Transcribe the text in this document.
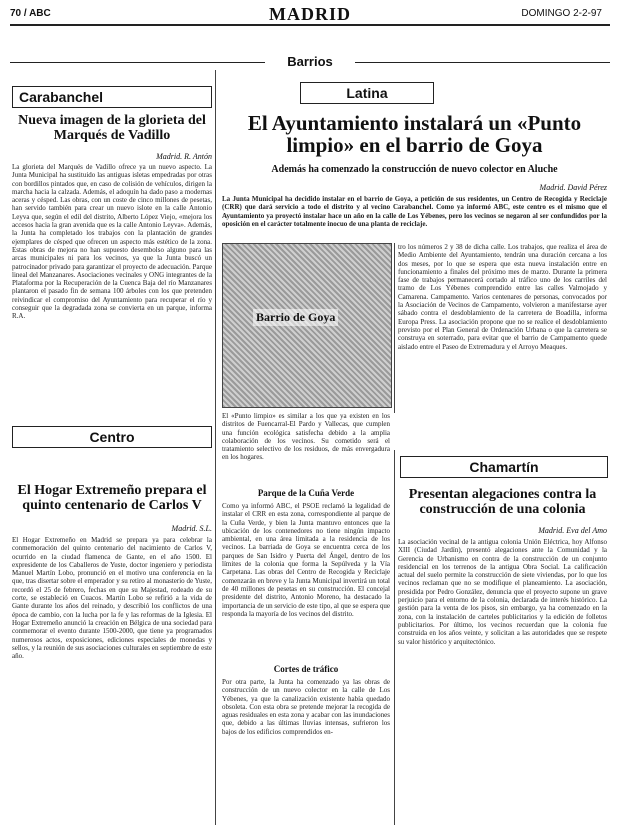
70 / ABC	MADRID	DOMINGO 2-2-97
Barrios
Carabanchel
Nueva imagen de la glorieta del Marqués de Vadillo
Madrid. R. Antón
La glorieta del Marqués de Vadillo ofrece ya un nuevo aspecto. La Junta Municipal ha sustituido las antiguas isletas empedradas por otras con bordillos pintados que, en caso de colisión de vehículos, dirigen la marcha hacia la calzada. Además, el adoquín ha dado paso a modernas aceras y césped. Las obras, con un coste de cinco millones de pesetas, han servido también para crear un nuevo islote en la calle Antonio Leyva que, según el edil del distrito, Alberto López Viejo, «mejora los accesos hacia la gran avenida que es la calle Antonio Leyva». Además, la Junta ha completado los trabajos con la plantación de grandes ejemplares de césped que ofrecen un aspecto más estético de la zona. Estas obras de mejora no han supuesto desembolso alguno para las arcas municipales ni para los vecinos, ya que la Junta buscó un patrocinador privado para garantizar el proyecto de adecuación. Parque lineal del Manzanares. Asociaciones vecinales y ONG integrantes de la Plataforma por la Recuperación de la Cuenca Baja del río Manzanares plantaron el pasado fin de semana 100 árboles con los que pretenden reivindicar el compromiso del Ayuntamiento para recuperar el río y conseguir que la degradada zona se convierta en un parque, informa R.A.
Centro
El Hogar Extremeño prepara el quinto centenario de Carlos V
Madrid. S.L.
El Hogar Extremeño en Madrid se prepara ya para celebrar la conmemoración del quinto centenario del nacimiento de Carlos V, ocurrido en la ciudad flamenca de Gante, en el año 1500. El expresidente de los Caballeros de Yuste, doctor ingeniero y periodista Manuel Martín Lobo, pronunció en el motivo una conferencia en la que, tras disertar sobre el emperador y su retiro al monasterio de Yuste, recordó el 25 de febrero, fechas en que su Majestad, rodeado de su corte, se estableció en Cuacos. Martín Lobo se refirió a la vida de Gante durante los años del reinado, y describió los conflictos de una época de cambio, con la lucha por la fe y las reformas de la Iglesia. El Hogar Extremeño anunció la creación en Bélgica de una sociedad para conmemorar el evento durante 1500-2000, que tiene ya programados numerosos actos, exposiciones, ediciones especiales de monedas y sellos, y la reunión de sus asociaciones culturales en septiembre de este año.
Latina
El Ayuntamiento instalará un «Punto limpio» en el barrio de Goya
Además ha comenzado la construcción de nuevo colector en Aluche
Madrid. David Pérez
La Junta Municipal ha decidido instalar en el barrio de Goya, a petición de sus residentes, un Centro de Recogida y Reciclaje (CRR) que dará servicio a todo el distrito y al vecino Carabanchel. Como ya informó ABC, este centro es el mismo que el Ayuntamiento ya proyectó instalar hace un año en la calle de Los Yébenes, pero los vecinos se negaron al ser confundidos por la oposición en el carácter totalmente inocuo de una planta de reciclaje.
Barrio de Goya
El «Punto limpio» es similar a los que ya existen en los distritos de Fuencarral-El Pardo y Vallecas, que cumplen una función ecológica satisfecha debido a la amplia colaboración de los vecinos. Su cometido será el tratamiento selectivo de los residuos, de más envergadura en los hogares.
tro los números 2 y 38 de dicha calle. Los trabajos, que realiza el área de Medio Ambiente del Ayuntamiento, tendrán una duración cercana a los dos meses, por lo que se espera que esta nueva instalación entre en funcionamiento a finales del próximo mes de marzo. Durante la primera fase de trabajos permanecerá cortado al tráfico uno de los carriles del tramo de Los Yébenes comprendido entre las calles Valmojado y Camarena. Campamento. Varios centenares de personas, convocados por la Asociación de Vecinos de Campamento, volvieron a manifestarse ayer sábado contra el desdoblamiento de la carretera de Boadilla, informa Europa Press. La asociación propone que no se realice el desdoblamiento previsto por el Plan General de Ordenación Urbana o que la carretera se construya en soterrado, para evitar que el barrio de Campamento quede aislado entre el Paseo de Extremadura y el Arroyo Meaques.
Parque de la Cuña Verde
Como ya informó ABC, el PSOE reclamó la legalidad de instalar el CRR en esta zona, correspondiente al parque de la Cuña Verde, y bien la Junta mantuvo entonces que la ubicación de los contenedores no tiene ningún impacto ambiental, en una área limitada a la residencia de los vecinos. La barriada de Goya se encuentra cerca de los parques de San Isidro y Puerta del Ángel, dentro de los límites de la colonia que forma la Sepúlveda y la Vía Carpetana. Las obras del Centro de Recogida y Reciclaje comenzarán en breve y la Junta Municipal invertirá un total de 40 millones de pesetas en su construcción. El concejal presidente del distrito, Antonio Moreno, ha destacado la importancia de un servicio de este tipo, al que se espera que responda la mayoría de los vecinos del distrito.
Cortes de tráfico
Por otra parte, la Junta ha comenzado ya las obras de construcción de un nuevo colector en la calle de Los Yébenes, ya que la canalización existente había quedado obsoleta. Con esta obra se pretende mejorar la recogida de aguas residuales en esta zona y acabar con las inundaciones que, debido a las últimas lluvias intensas, sufrieron los bajos de los edificios comprendidos en-
Chamartín
Presentan alegaciones contra la construcción de una colonia
Madrid. Eva del Amo
La asociación vecinal de la antigua colonia Unión Eléctrica, hoy Alfonso XIII (Ciudad Jardín), presentó alegaciones ante la Comunidad y la Gerencia de Urbanismo en contra de la construcción de un conjunto residencial en los terrenos de la antigua Obra Social. La calificación actual del suelo permite la construcción de siete viviendas, por lo que los vecinos reclaman que no se modifique el planeamiento. La asociación, presidida por Pedro González, denuncia que el proyecto supone un grave perjuicio para el entorno de la colonia, declarada de interés histórico. La gestión para la venta de los pisos, sin embargo, ya ha comenzado en la zona, con la instalación de carteles publicitarios y la edición de folletos publicitarios. Por último, los vecinos recuerdan que la colonia fue construida en los años veinte, y solicitan a las autoridades que se respete su valor histórico y arquitectónico.
